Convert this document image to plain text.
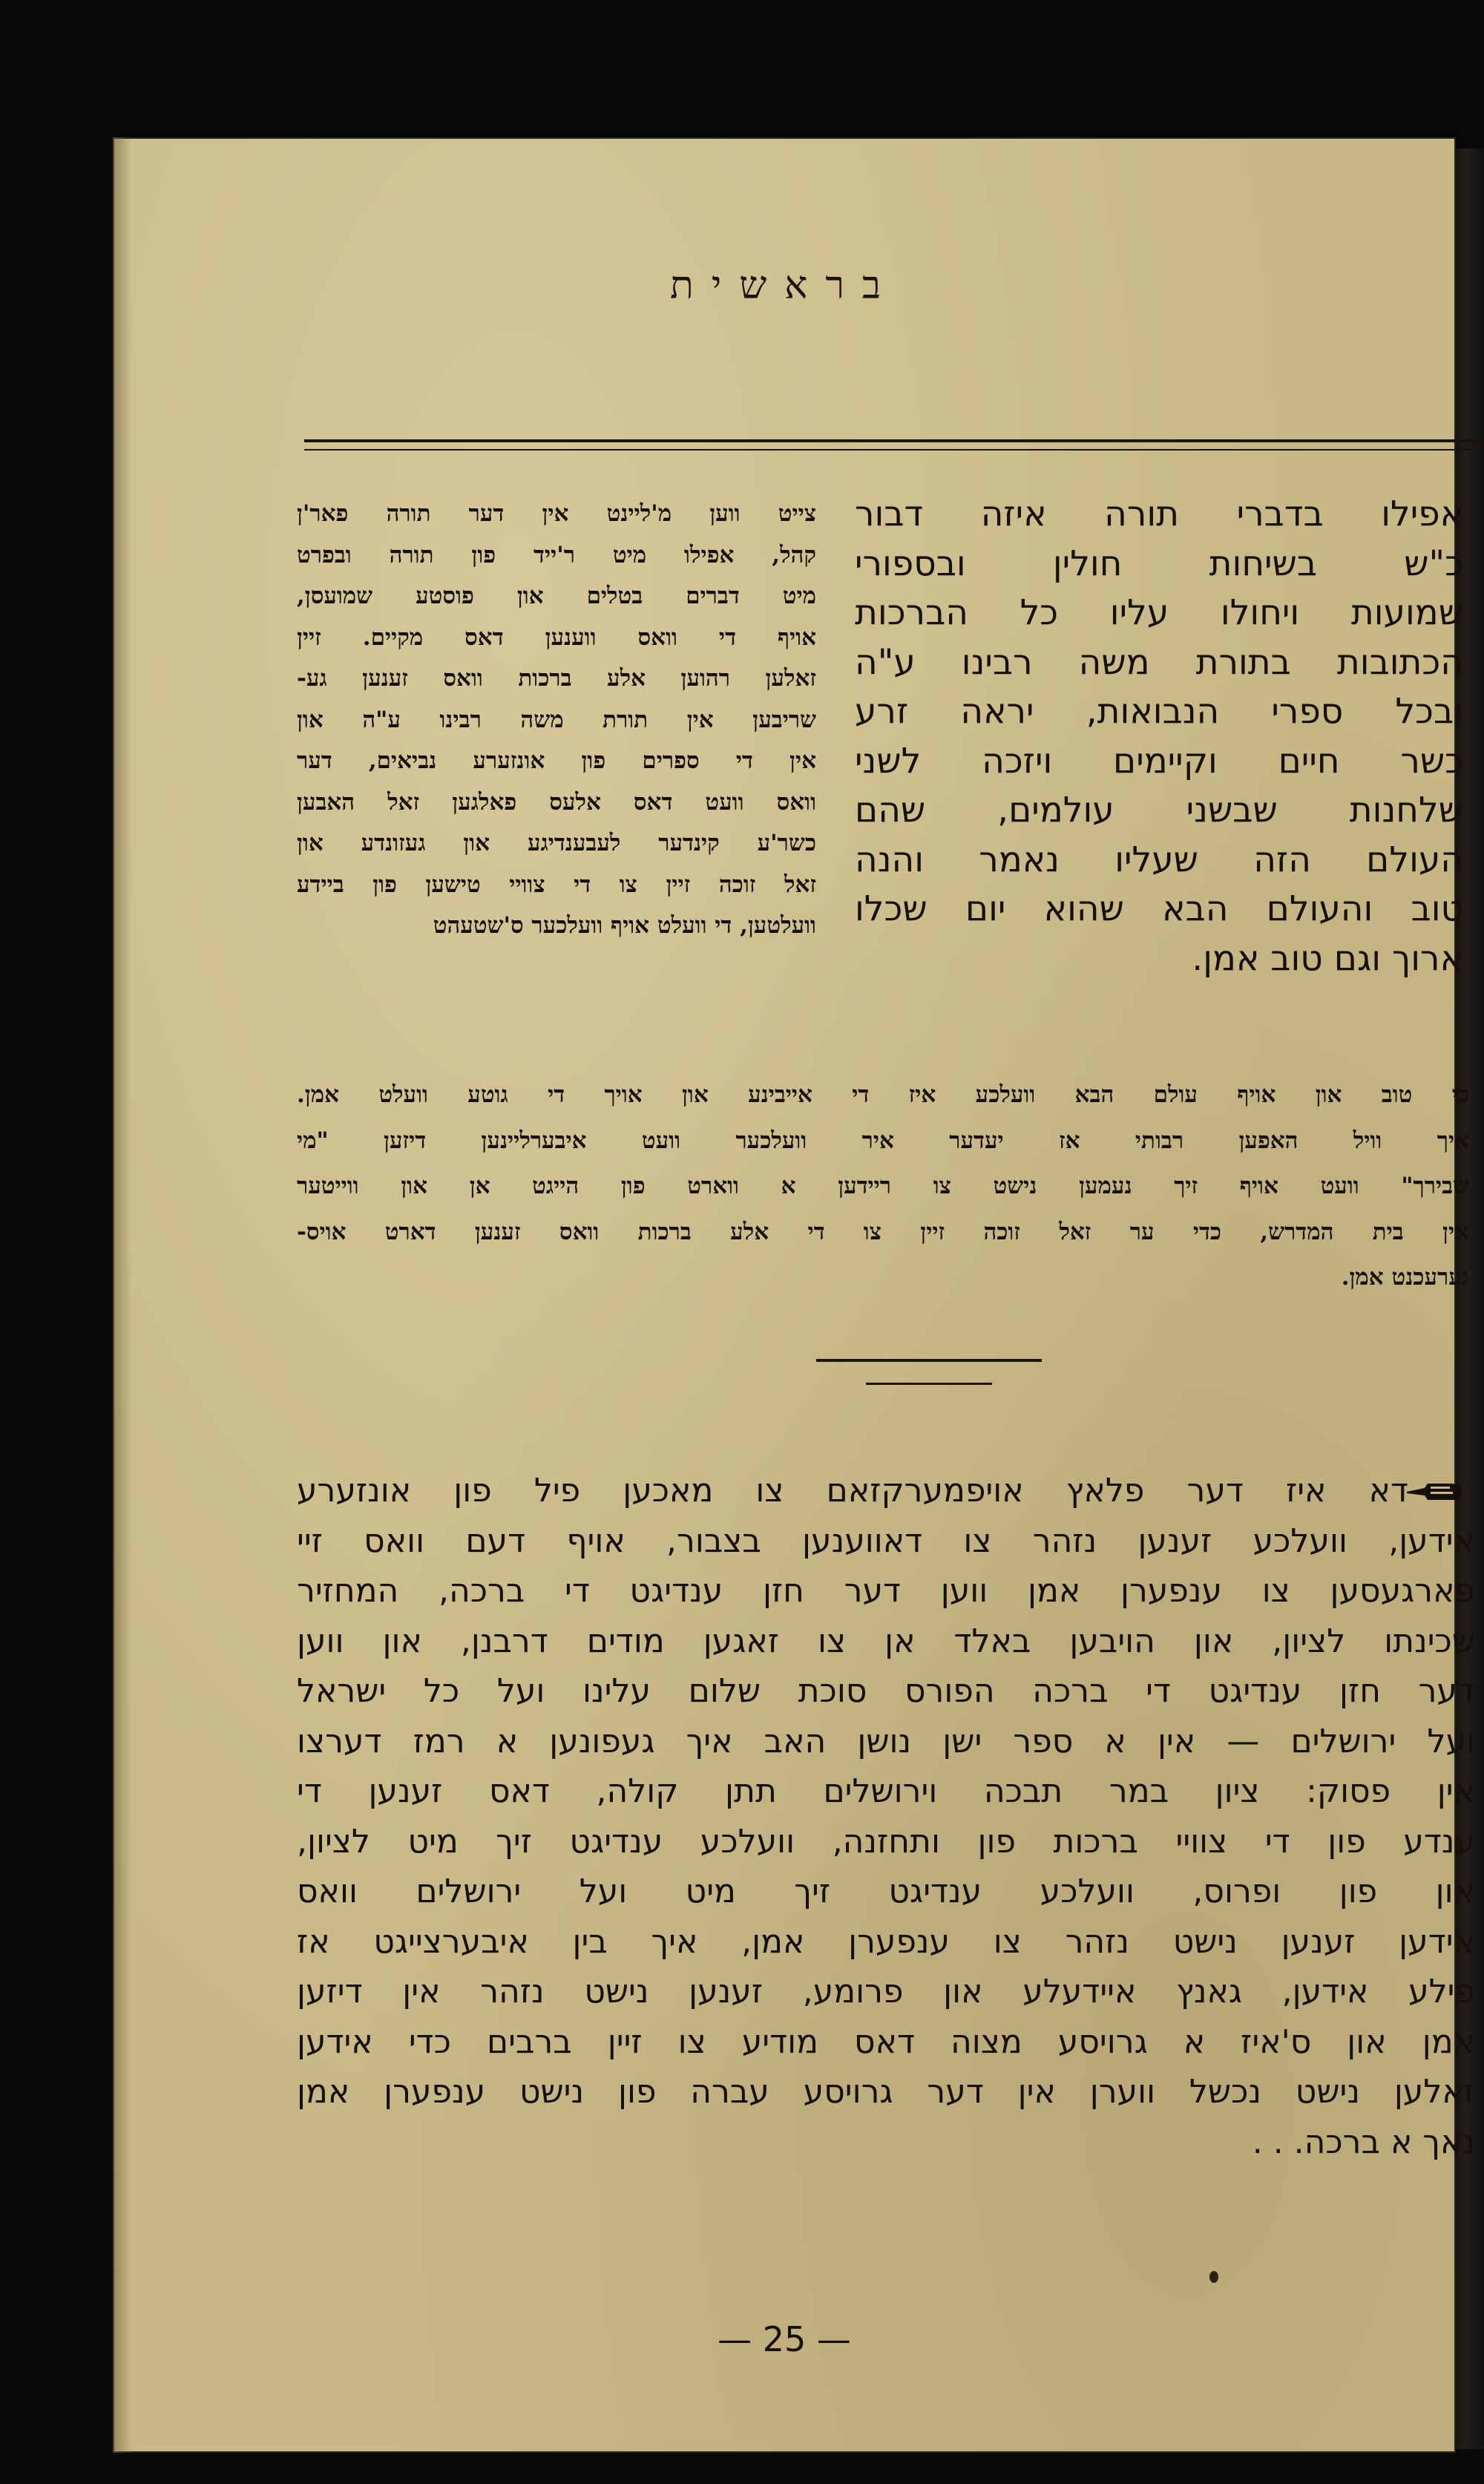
בראשית
אפילו בדברי תורה איזה דבור
כ"ש בשיחות חולין ובספורי
שמועות ויחולו עליו כל הברכות
הכתובות בתורת משה רבינו ע"ה
ובכל ספרי הנבואות, יראה זרע
כשר חיים וקיימים ויזכה לשני
שלחנות שבשני עולמים, שהם
העולם הזה שעליו נאמר והנה
טוב והעולם הבא שהוא יום שכלו
ארוך וגם טוב אמן.
צייט ווען מ'ליינט אין דער תורה פאר'ן
קהל, אפילו מיט ר'ייד פון תורה ובפרט
מיט דברים בטלים און פוסטע שמועסן,
אויף די וואס ווענען דאס מקיים. זיין
זאלען רהוען אלע ברכות וואס זענען גע-
שריבען אין תורת משה רבינו ע"ה און
אין די ספרים פון אונזערע נביאים, דער
וואס וועט דאס אלעס פאלגען זאל האבען
כשר'ע קינדער לעבענדיגע און געזונדע און
זאל זוכה זיין צו די צוויי טישען פון ביידע
וועלטען, די וועלט אויף וועלכער ס'שטעהט
כי טוב און אויף עולם הבא וועלכע איז די אייבינע און אויך די גוטע וועלט אמן.
איך וויל האפען רבותי אז יעדער איר וועלכער וועט איבערליינען דיזען "מי
שבירך" וועט אויף זיך נעמען נישט צו ריידען א ווארט פון הייגט אן און ווייטער
אין בית המדרש, כדי ער זאל זוכה זיין צו די אלע ברכות וואס זענען דארט אויס-
גערעכנט אמן.
דא איז דער פלאץ אויפמערקזאם צו מאכען פיל פון אונזערע
אידען, וועלכע זענען נזהר צו דאווענען בצבור, אויף דעם וואס זיי
פארגעסען צו ענפערן אמן ווען דער חזן ענדיגט די ברכה, המחזיר
שכינתו לציון, און הויבען באלד אן צו זאגען מודים דרבנן, און ווען
דער חזן ענדיגט די ברכה הפורס סוכת שלום עלינו ועל כל ישראל
ועל ירושלים — אין א ספר ישן נושן האב איך געפונען א רמז דערצו
אין פסוק: ציון במר תבכה וירושלים תתן קולה, דאס זענען די
ענדע פון די צוויי ברכות פון ותחזנה, וועלכע ענדיגט זיך מיט לציון,
און פון ופרוס, וועלכע ענדיגט זיך מיט ועל ירושלים וואס
אידען זענען נישט נזהר צו ענפערן אמן, איך בין איבערצייגט אז
פילע אידען, גאנץ איידעלע און פרומע, זענען נישט נזהר אין דיזען
אמן און ס'איז א גרויסע מצוה דאס מודיע צו זיין ברבים כדי אידען
זאלען נישט נכשל ווערן אין דער גרויסע עברה פון נישט ענפערן אמן
נאך א ברכה. . .
— 25 —
